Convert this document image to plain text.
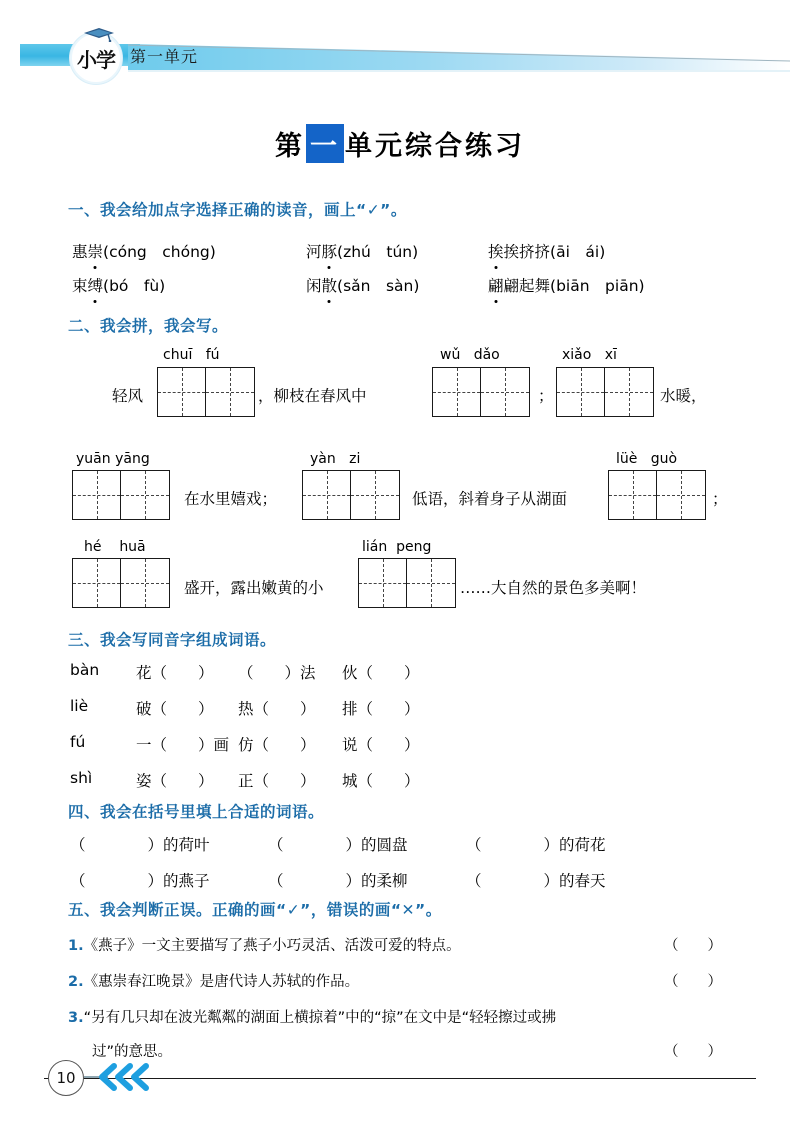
小学 第一单元
第 一 单元综合练习
一、我会给加点字选择正确的读音，画上“✓”。
惠崇(cóng　chóng)	河豚(zhú　tún)	挨挨挤挤(āi　ái)
束缚(bó　fù)	闲散(sǎn　sàn)	翩翩起舞(biān　piān)
二、我会拼，我会写。
轻风
chuī fú
，柳枝在春风中
wǔ dǎo
；
xiǎo xī
水暖，
yuān yāng
在水里嬉戏；
yàn zi
低语，斜着身子从湖面
lüè guò
；
hé huā
盛开，露出嫩黄的小
lián peng
……大自然的景色多美啊！
三、我会写同音字组成词语。
bàn 花（　　） （　　）法 伙（　　）
liè	破（　　） 热（　　） 排（　　）
fú	一（　　）画 仿（　　） 说（　　）
shì	姿（　　） 正（　　） 城（　　）
四、我会在括号里填上合适的词语。
（　　　　）的荷叶	（　　　　）的圆盘	（　　　　）的荷花
（　　　　）的燕子	（　　　　）的柔柳	（　　　　）的春天
五、我会判断正误。正确的画“✓”，错误的画“✕”。
1.《燕子》一文主要描写了燕子小巧灵活、活泼可爱的特点。	（　　）
2.《惠崇春江晚景》是唐代诗人苏轼的作品。	（　　）
3.“另有几只却在波光粼粼的湖面上横掠着”中的“掠”在文中是“轻轻擦过或拂
过”的意思。	（　　）
10
